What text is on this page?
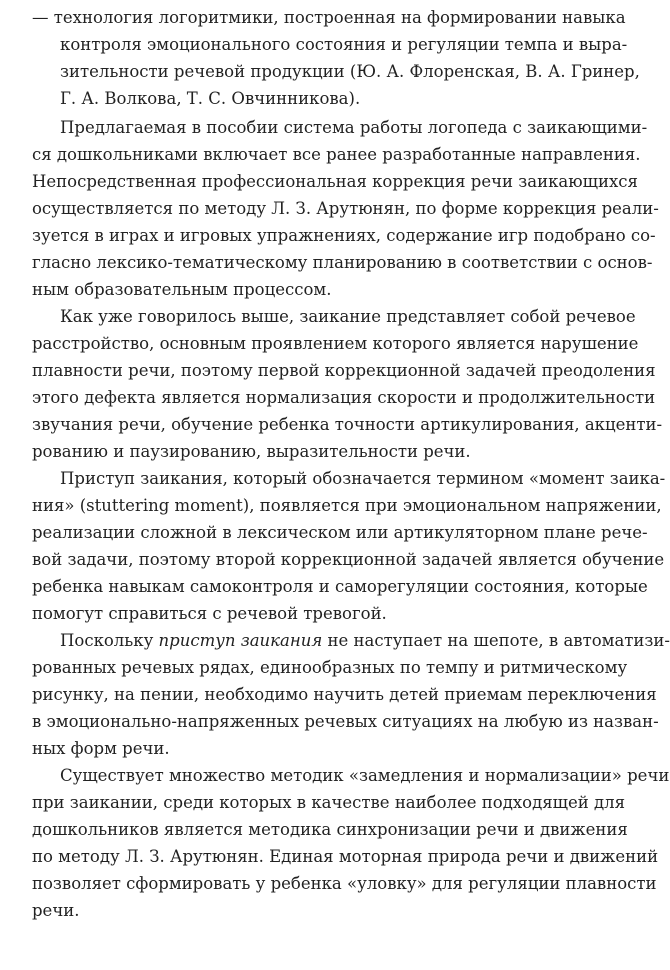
— технология логоритмики, построенная на формировании навыка
контроля эмоционального состояния и регуляции темпа и выра-
зительности речевой продукции (Ю. А. Флоренская, В. А. Гринер,
Г. А. Волкова, Т. С. Овчинникова).
Предлагаемая в пособии система работы логопеда с заикающими-
ся дошкольниками включает все ранее разработанные направления.
Непосредственная профессиональная коррекция речи заикающихся
осуществляется по методу Л. З. Арутюнян, по форме коррекция реали-
зуется в играх и игровых упражнениях, содержание игр подобрано со-
гласно лексико-тематическому планированию в соответствии с основ-
ным образовательным процессом.
Как уже говорилось выше, заикание представляет собой речевое
расстройство, основным проявлением которого является нарушение
плавности речи, поэтому первой коррекционной задачей преодоления
этого дефекта является нормализация скорости и продолжительности
звучания речи, обучение ребенка точности артикулирования, акценти-
рованию и паузированию, выразительности речи.
Приступ заикания, который обозначается термином «момент заика-
ния» (stuttering moment), появляется при эмоциональном напряжении,
реализации сложной в лексическом или артикуляторном плане рече-
вой задачи, поэтому второй коррекционной задачей является обучение
ребенка навыкам самоконтроля и саморегуляции состояния, которые
помогут справиться с речевой тревогой.
Поскольку приступ заикания не наступает на шепоте, в автоматизи-
рованных речевых рядах, единообразных по темпу и ритмическому
рисунку, на пении, необходимо научить детей приемам переключения
в эмоционально-напряженных речевых ситуациях на любую из назван-
ных форм речи.
Существует множество методик «замедления и нормализации» речи
при заикании, среди которых в качестве наиболее подходящей для
дошкольников является методика синхронизации речи и движения
по методу Л. З. Арутюнян. Единая моторная природа речи и движений
позволяет сформировать у ребенка «уловку» для регуляции плавности
речи.
